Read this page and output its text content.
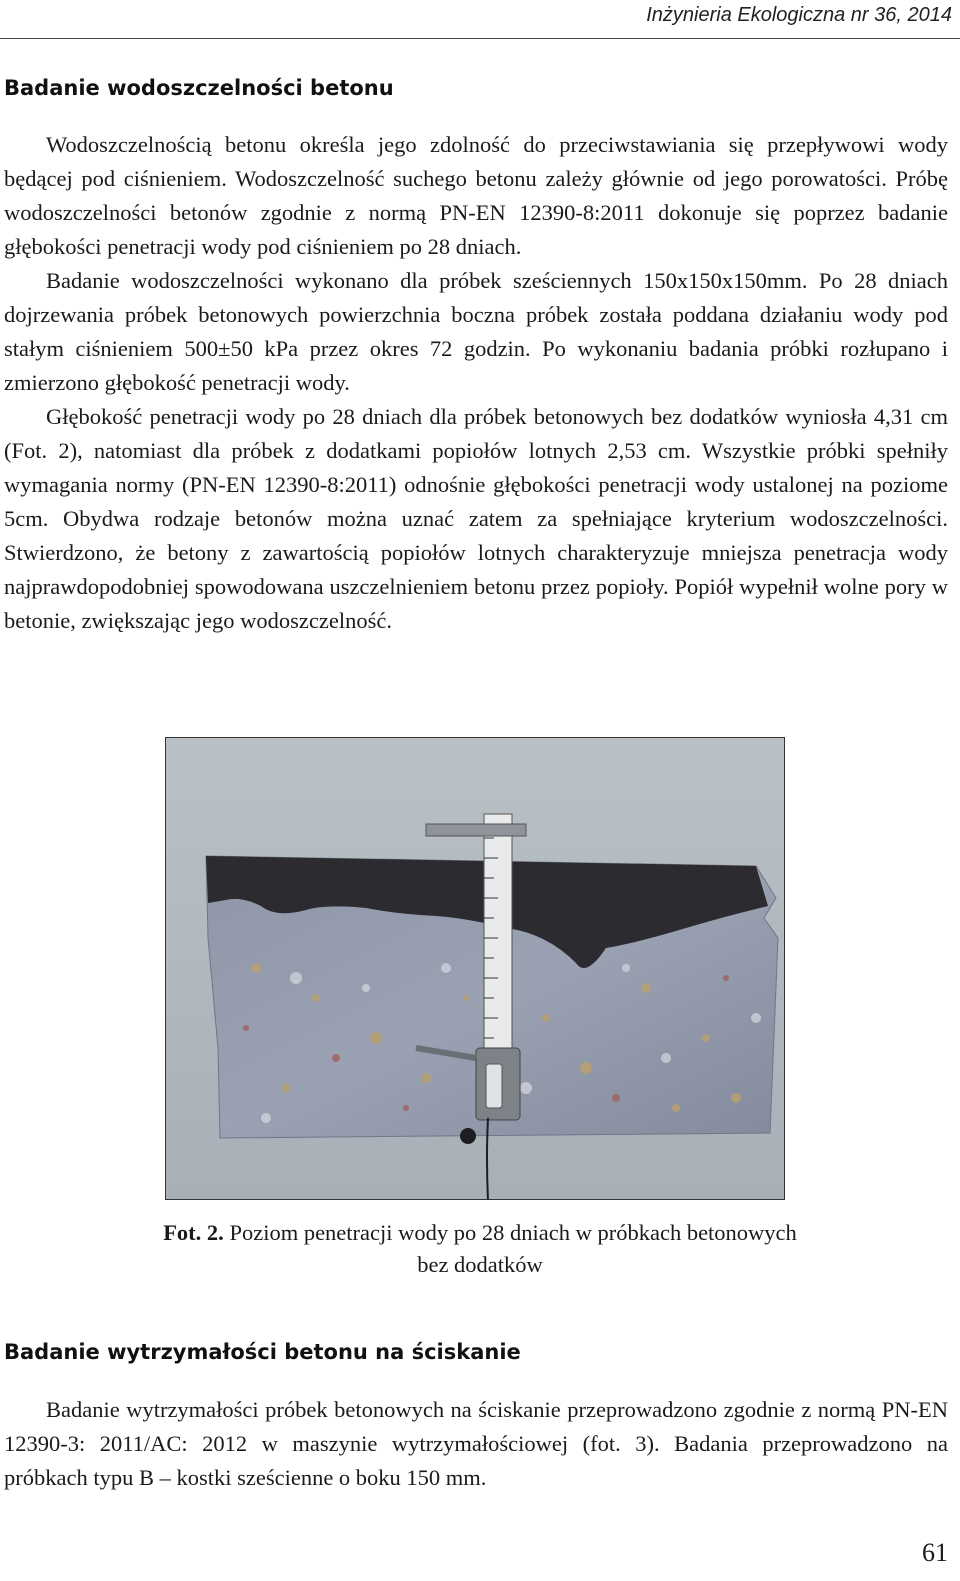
Inżynieria Ekologiczna nr 36, 2014
Badanie wodoszczelności betonu

Wodoszczelnością betonu określa jego zdolność do przeciwstawiania się przepływowi wody będącej pod ciśnieniem. Wodoszczelność suchego betonu zależy głównie od jego porowatości. Próbę wodoszczelności betonów zgodnie z normą PN-EN 12390-8:2011 dokonuje się poprzez badanie głębokości penetracji wody pod ciśnieniem po 28 dniach.

Badanie wodoszczelności wykonano dla próbek sześciennych 150x150x150mm. Po 28 dniach dojrzewania próbek betonowych powierzchnia boczna próbek została poddana działaniu wody pod stałym ciśnieniem 500±50 kPa przez okres 72 godzin. Po wykonaniu badania próbki rozłupano i zmierzono głębokość penetracji wody.

Głębokość penetracji wody po 28 dniach dla próbek betonowych bez dodatków wyniosła 4,31 cm (Fot. 2), natomiast dla próbek z dodatkami popiołów lotnych 2,53 cm. Wszystkie próbki spełniły wymagania normy (PN-EN 12390-8:2011) odnośnie głębokości penetracji wody ustalonej na poziome 5cm. Obydwa rodzaje betonów można uznać zatem za spełniające kryterium wodoszczelności. Stwierdzono, że betony z zawartością popiołów lotnych charakteryzuje mniejsza penetracja wody najprawdopodobniej spowodowana uszczelnieniem betonu przez popioły. Popiół wypełnił wolne pory w betonie, zwiększając jego wodoszczelność.

Fot. 2. Poziom penetracji wody po 28 dniach w próbkach betonowych
bez dodatków
Badanie wytrzymałości betonu na ściskanie

Badanie wytrzymałości próbek betonowych na ściskanie przeprowadzono zgodnie z normą PN-EN 12390-3: 2011/AC: 2012 w maszynie wytrzymałościowej (fot. 3). Badania przeprowadzono na próbkach typu B – kostki sześcienne o boku 150 mm.

61
